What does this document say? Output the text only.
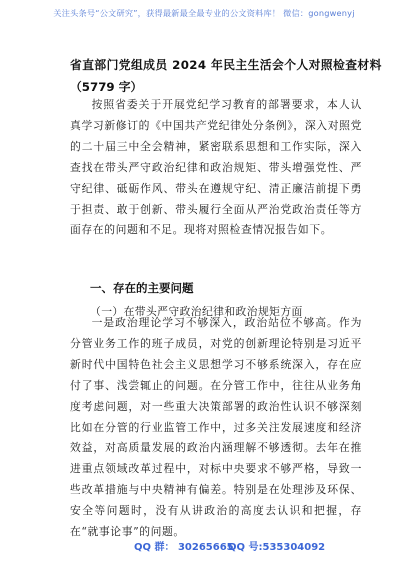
关注头条号“公文研究”，获得最新最全最专业的公文资料库！ 微信：gongwenyj
省直部门党组成员 2024 年民主生活会个人对照检查材料
（5779 字）

按照省委关于开展党纪学习教育的部署要求，本人认真学习新修订的《中国共产党纪律处分条例》，深入对照党的二十届三中全会精神，紧密联系思想和工作实际，深入查找在带头严守政治纪律和政治规矩、带头增强党性、严守纪律、砥砺作风、带头在遵规守纪、清正廉洁前提下勇于担责、敢于创新、带头履行全面从严治党政治责任等方面存在的问题和不足。现将对照检查情况报告如下。

一、存在的主要问题
（一）在带头严守政治纪律和政治规矩方面

一是政治理论学习不够深入，政治站位不够高。作为分管业务工作的班子成员，对党的创新理论特别是习近平新时代中国特色社会主义思想学习不够系统深入，存在应付了事、浅尝辄止的问题。在分管工作中，往往从业务角度考虑问题，对一些重大决策部署的政治性认识不够深刻比如在分管的行业监管工作中，过多关注发展速度和经济效益，对高质量发展的政治内涵理解不够透彻。去年在推进重点领域改革过程中，对标中央要求不够严格，导致一些改革措施与中央精神有偏差。特别是在处理涉及环保、安全等问题时，没有从讲政治的高度去认识和把握，存在“就事论事”的问题。

QQ 群： 30265665
QQ 号:535304092
